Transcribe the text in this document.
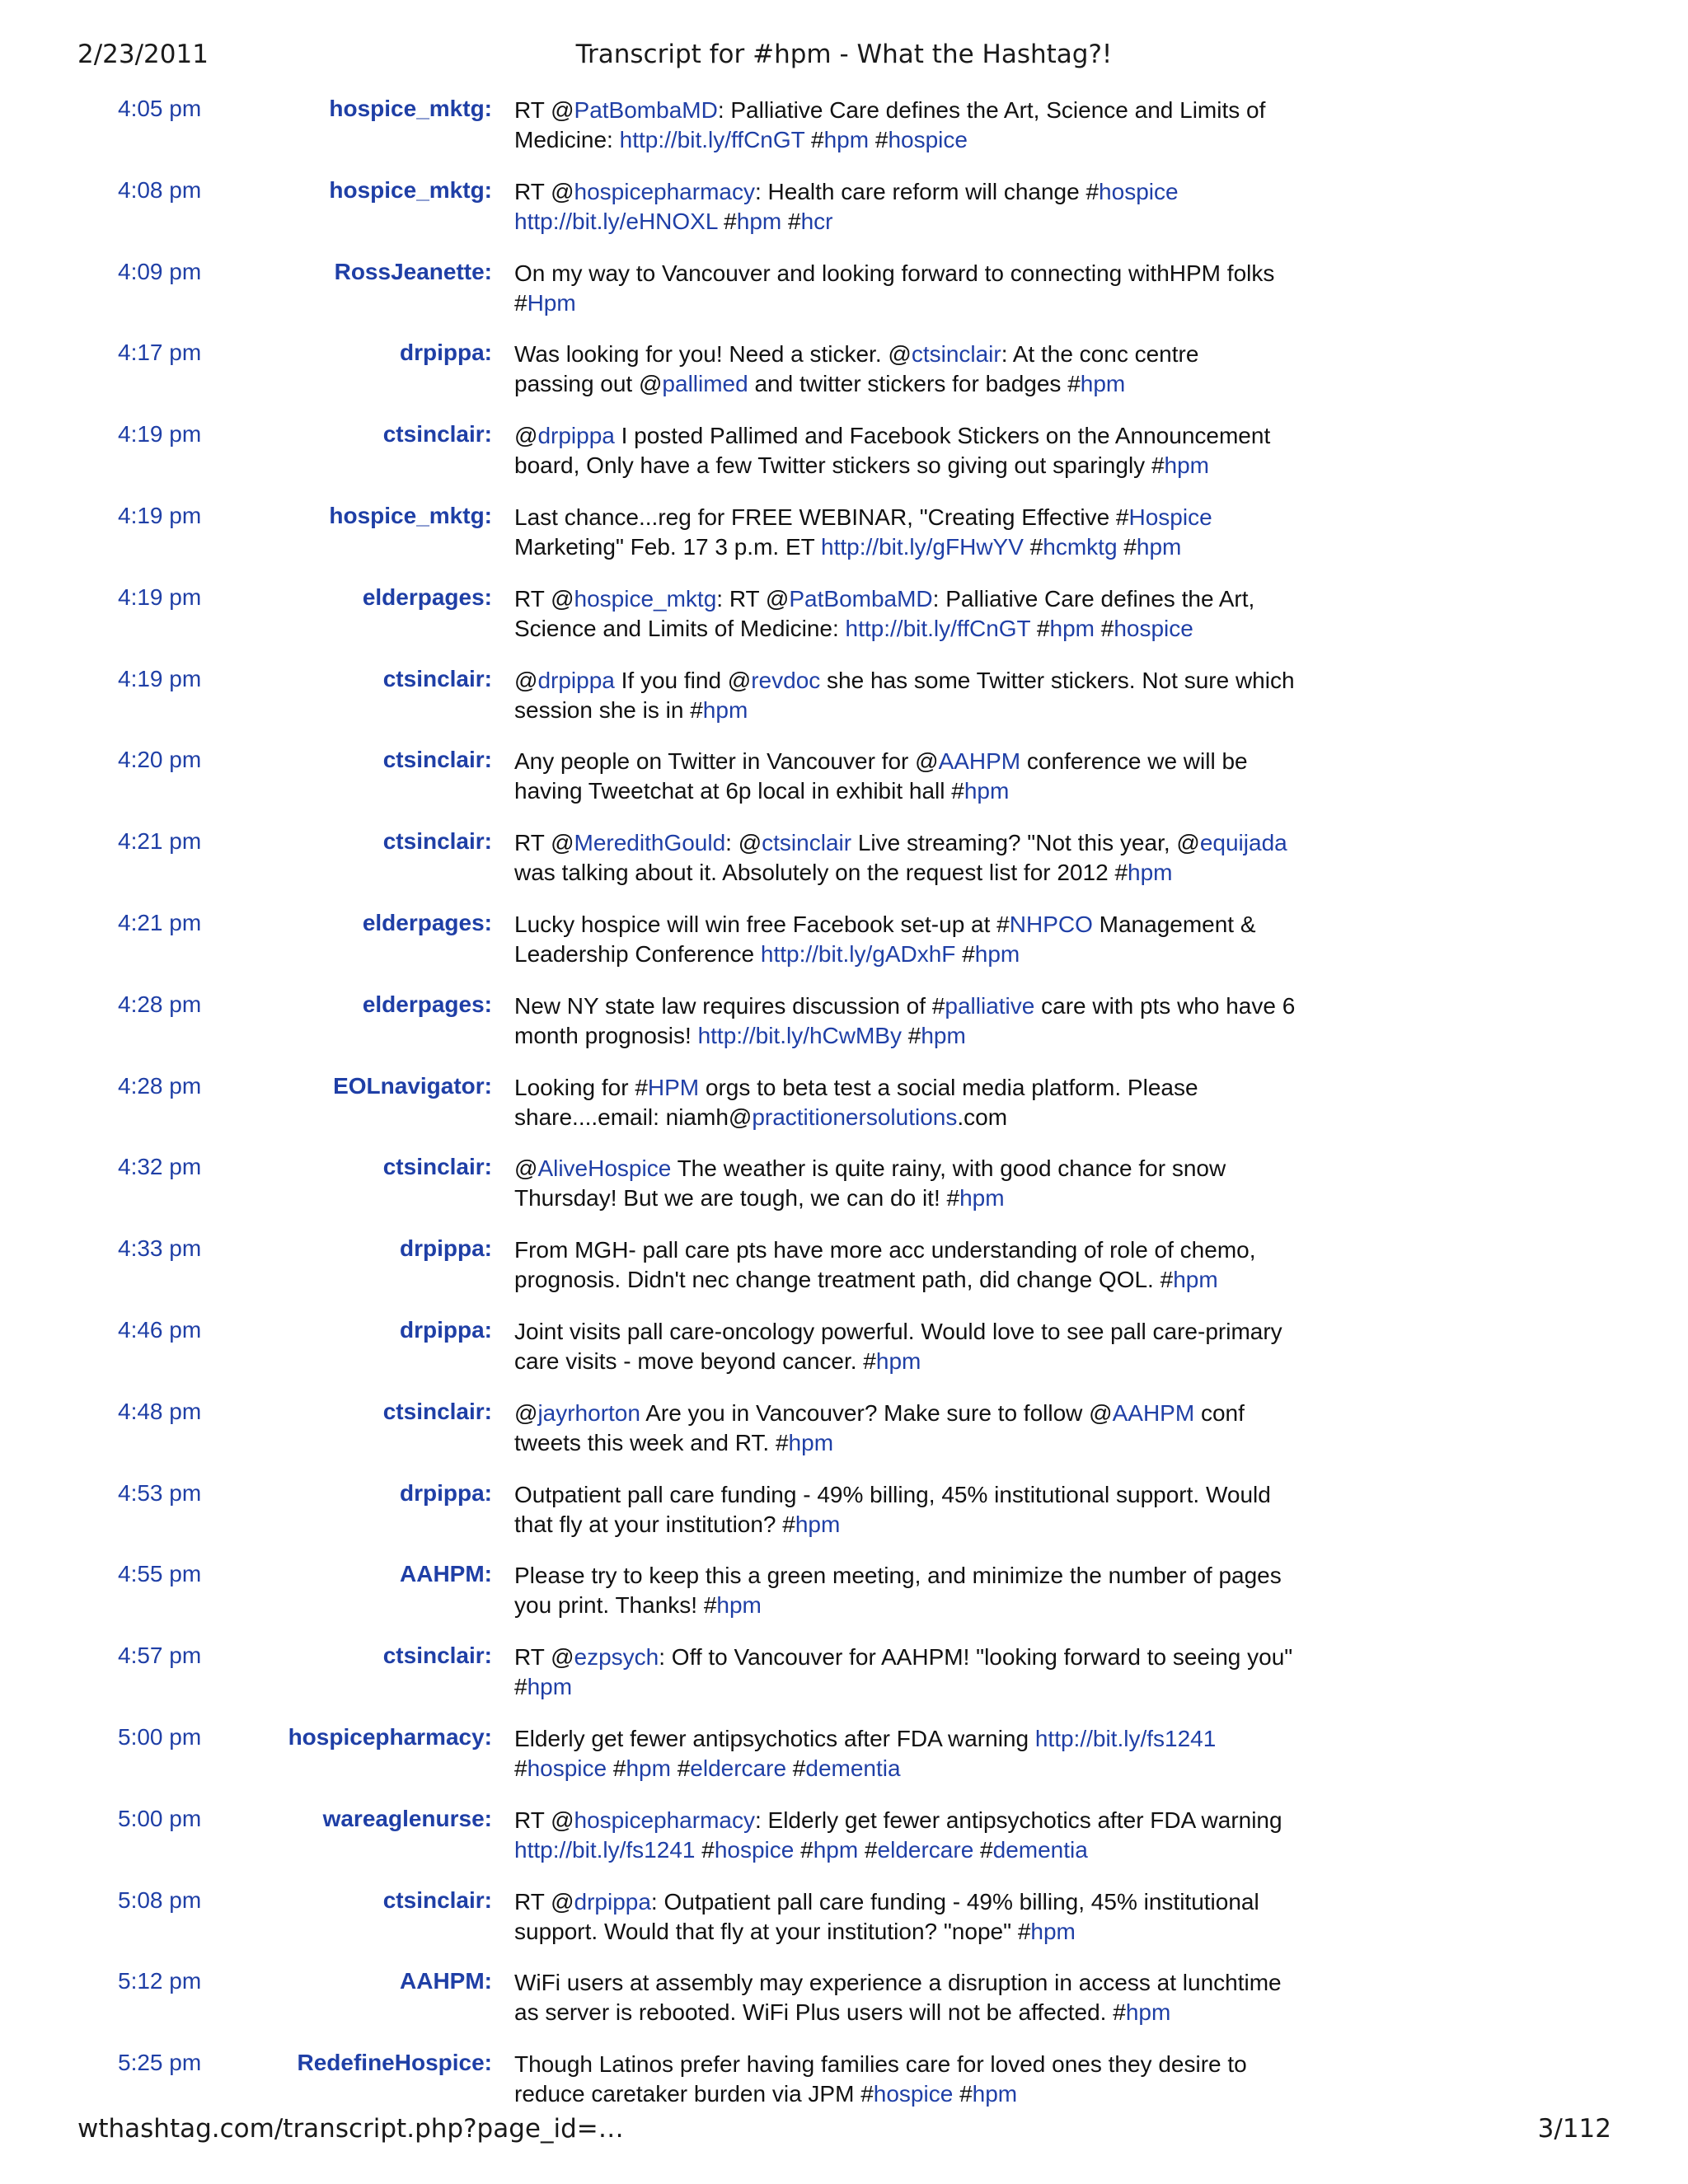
2/23/2011	Transcript for #hpm - What the Hashtag?!
4:05 pm	hospice_mktg: RT @PatBombaMD: Palliative Care defines the Art, Science and Limits of
Medicine: http://bit.ly/ffCnGT #hpm #hospice
4:08 pm	hospice_mktg: RT @hospicepharmacy: Health care reform will change #hospice
http://bit.ly/eHNOXL #hpm #hcr
4:09 pm	RossJeanette: On my way to Vancouver and looking forward to connecting withHPM folks
#Hpm
4:17 pm	drpippa: Was looking for you! Need a sticker. @ctsinclair: At the conc centre
passing out @pallimed and twitter stickers for badges #hpm
4:19 pm	ctsinclair: @drpippa I posted Pallimed and Facebook Stickers on the Announcement
board, Only have a few Twitter stickers so giving out sparingly #hpm
4:19 pm	hospice_mktg: Last chance...reg for FREE WEBINAR, "Creating Effective #Hospice
Marketing" Feb. 17 3 p.m. ET http://bit.ly/gFHwYV #hcmktg #hpm
4:19 pm	elderpages: RT @hospice_mktg: RT @PatBombaMD: Palliative Care defines the Art,
Science and Limits of Medicine: http://bit.ly/ffCnGT #hpm #hospice
4:19 pm	ctsinclair: @drpippa If you find @revdoc she has some Twitter stickers. Not sure which
session she is in #hpm
4:20 pm	ctsinclair: Any people on Twitter in Vancouver for @AAHPM conference we will be
having Tweetchat at 6p local in exhibit hall #hpm
4:21 pm	ctsinclair: RT @MeredithGould: @ctsinclair Live streaming? "Not this year, @equijada
was talking about it. Absolutely on the request list for 2012 #hpm
4:21 pm	elderpages: Lucky hospice will win free Facebook set-up at #NHPCO Management &
Leadership Conference http://bit.ly/gADxhF #hpm
4:28 pm	elderpages: New NY state law requires discussion of #palliative care with pts who have 6
month prognosis! http://bit.ly/hCwMBy #hpm
4:28 pm	EOLnavigator: Looking for #HPM orgs to beta test a social media platform. Please
share....email: niamh@practitionersolutions.com
4:32 pm	ctsinclair: @AliveHospice The weather is quite rainy, with good chance for snow
Thursday! But we are tough, we can do it! #hpm
4:33 pm	drpippa: From MGH- pall care pts have more acc understanding of role of chemo,
prognosis. Didn't nec change treatment path, did change QOL. #hpm
4:46 pm	drpippa: Joint visits pall care-oncology powerful. Would love to see pall care-primary
care visits - move beyond cancer. #hpm
4:48 pm	ctsinclair: @jayrhorton Are you in Vancouver? Make sure to follow @AAHPM conf
tweets this week and RT. #hpm
4:53 pm	drpippa: Outpatient pall care funding - 49% billing, 45% institutional support. Would
that fly at your institution? #hpm
4:55 pm	AAHPM: Please try to keep this a green meeting, and minimize the number of pages
you print. Thanks! #hpm
4:57 pm	ctsinclair: RT @ezpsych: Off to Vancouver for AAHPM! "looking forward to seeing you"
#hpm
5:00 pm	hospicepharmacy: Elderly get fewer antipsychotics after FDA warning http://bit.ly/fs1241
#hospice #hpm #eldercare #dementia
5:00 pm	wareaglenurse: RT @hospicepharmacy: Elderly get fewer antipsychotics after FDA warning
http://bit.ly/fs1241 #hospice #hpm #eldercare #dementia
5:08 pm	ctsinclair: RT @drpippa: Outpatient pall care funding - 49% billing, 45% institutional
support. Would that fly at your institution? "nope" #hpm
5:12 pm	AAHPM: WiFi users at assembly may experience a disruption in access at lunchtime
as server is rebooted. WiFi Plus users will not be affected. #hpm
5:25 pm	RedefineHospice: Though Latinos prefer having families care for loved ones they desire to
reduce caretaker burden via JPM #hospice #hpm
wthashtag.com/transcript.php?page_id=…	3/112
